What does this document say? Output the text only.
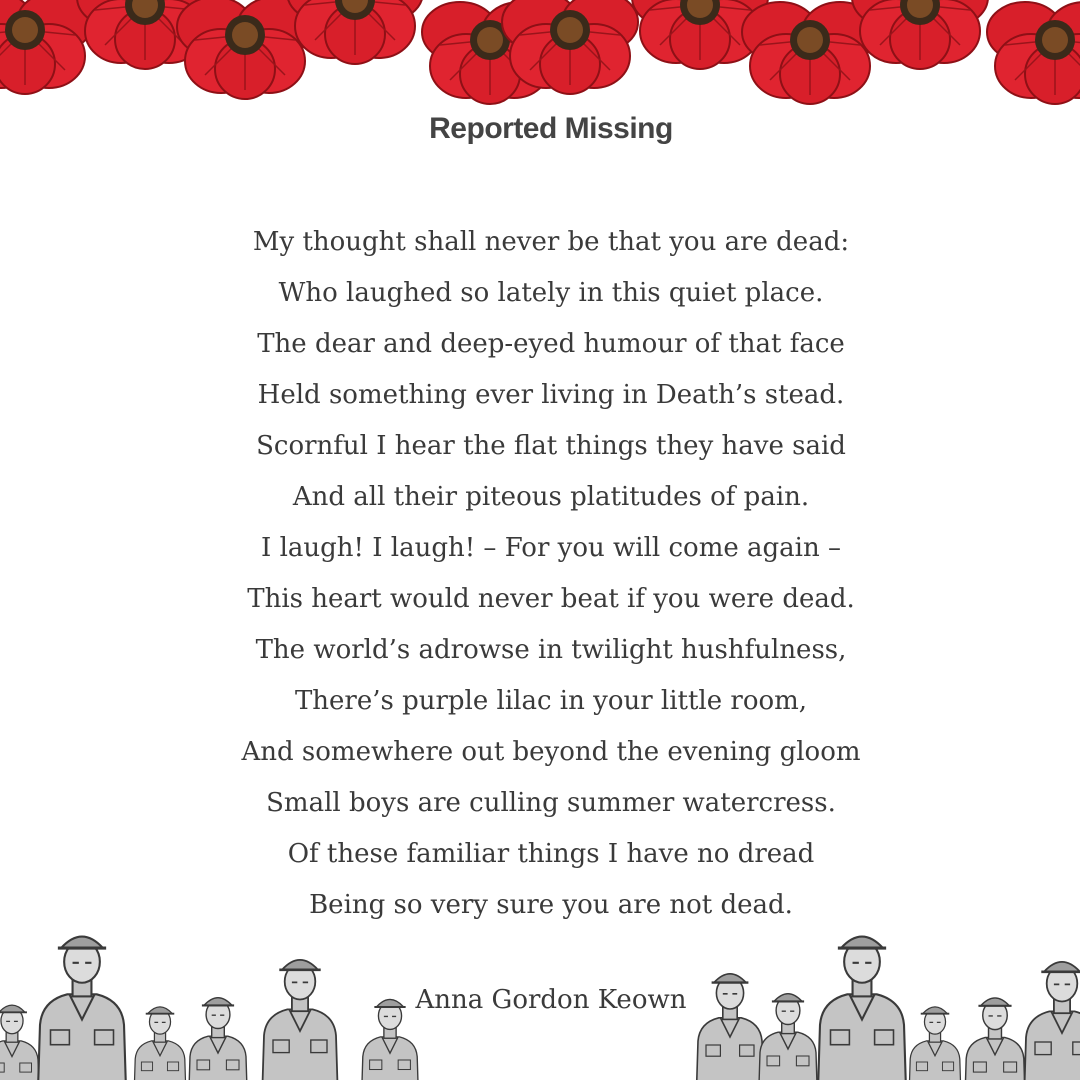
Reported Missing
My thought shall never be that you are dead:
Who laughed so lately in this quiet place.
The dear and deep-eyed humour of that face
Held something ever living in Death’s stead.
Scornful I hear the flat things they have said
And all their piteous platitudes of pain.
I laugh! I laugh! – For you will come again –
This heart would never beat if you were dead.
The world’s adrowse in twilight hushfulness,
There’s purple lilac in your little room,
And somewhere out beyond the evening gloom
Small boys are culling summer watercress.
Of these familiar things I have no dread
Being so very sure you are not dead.
Anna Gordon Keown
